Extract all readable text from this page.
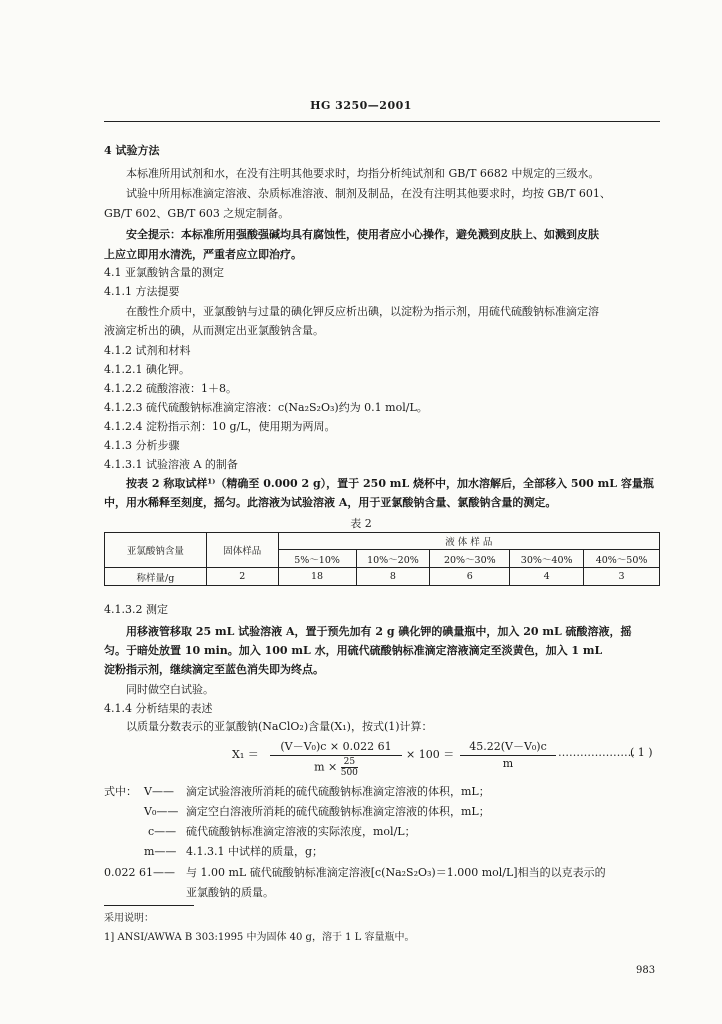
HG 3250—2001
4 试验方法
本标准所用试剂和水，在没有注明其他要求时，均指分析纯试剂和 GB/T 6682 中规定的三级水。
试验中所用标准滴定溶液、杂质标准溶液、制剂及制品，在没有注明其他要求时，均按 GB/T 601、
GB/T 602、GB/T 603 之规定制备。
安全提示：本标准所用强酸强碱均具有腐蚀性，使用者应小心操作，避免溅到皮肤上、如溅到皮肤
上应立即用水清洗，严重者应立即治疗。
4.1 亚氯酸钠含量的测定
4.1.1 方法提要
在酸性介质中，亚氯酸钠与过量的碘化钾反应析出碘，以淀粉为指示剂，用硫代硫酸钠标准滴定溶
液滴定析出的碘，从而测定出亚氯酸钠含量。
4.1.2 试剂和材料
4.1.2.1 碘化钾。
4.1.2.2 硫酸溶液：1＋8。
4.1.2.3 硫代硫酸钠标准滴定溶液：c(Na₂S₂O₃)约为 0.1 mol/L。
4.1.2.4 淀粉指示剂：10 g/L，使用期为两周。
4.1.3 分析步骤
4.1.3.1 试验溶液 A 的制备
按表 2 称取试样¹⁾（精确至 0.000 2 g），置于 250 mL 烧杯中，加水溶解后，全部移入 500 mL 容量瓶
中，用水稀释至刻度，摇匀。此溶液为试验溶液 A，用于亚氯酸钠含量、氯酸钠含量的测定。
表 2
亚氯酸钠含量	固体样品	液 体 样 品				
		5%～10%	10%～20%	20%～30%	30%～40%	40%～50%
称样量/g	2	18	8	6	4	3
4.1.3.2 测定
用移液管移取 25 mL 试验溶液 A，置于预先加有 2 g 碘化钾的碘量瓶中，加入 20 mL 硫酸溶液，摇
匀。于暗处放置 10 min。加入 100 mL 水，用硫代硫酸钠标准滴定溶液滴定至淡黄色，加入 1 mL
淀粉指示剂，继续滴定至蓝色消失即为终点。
同时做空白试验。
4.1.4 分析结果的表述
以质量分数表示的亚氯酸钠(NaClO₂)含量(X₁)，按式(1)计算：
$X_1 = \frac{\text{(V－V₀)c × 0.022 61}}{m \times \frac{25}{500}} \times 100 = \frac{\text{45.22(V－V₀)c}}{m}$ …………………
( 1 )
式中： V—— 滴定试验溶液所消耗的硫代硫酸钠标准滴定溶液的体积，mL；
V₀—— 滴定空白溶液所消耗的硫代硫酸钠标准滴定溶液的体积，mL；
c—— 硫代硫酸钠标准滴定溶液的实际浓度，mol/L；
m—— 4.1.3.1 中试样的质量，g；
0.022 61—— 与 1.00 mL 硫代硫酸钠标准滴定溶液[c(Na₂S₂O₃)＝1.000 mol/L]相当的以克表示的
亚氯酸钠的质量。
采用说明：
1] ANSI/AWWA B 303:1995 中为固体 40 g，溶于 1 L 容量瓶中。
983
